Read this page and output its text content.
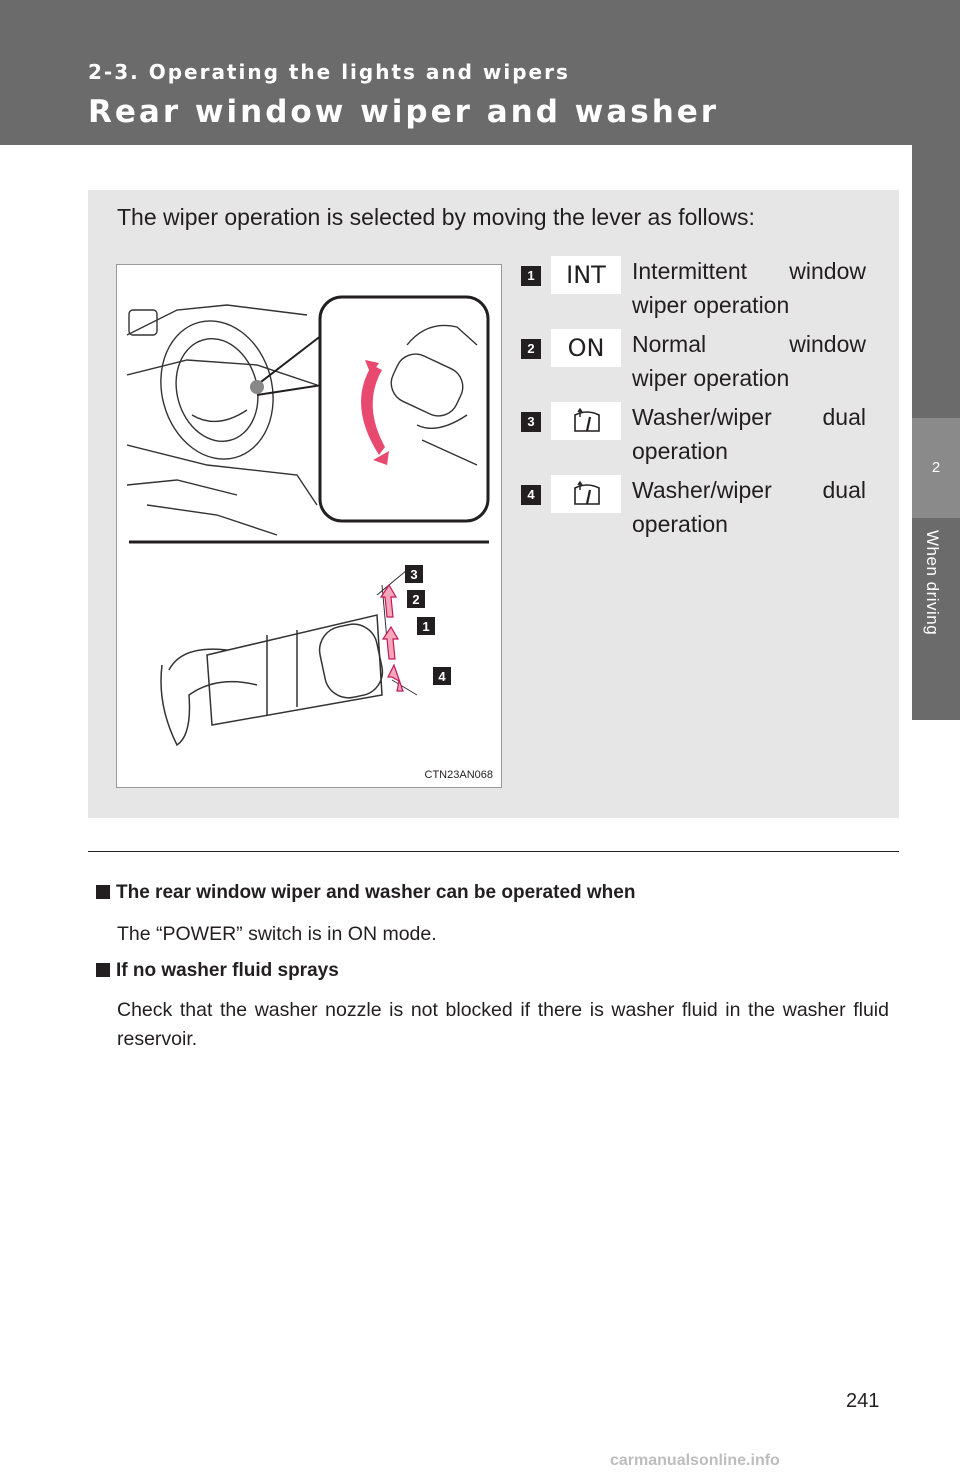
2-3. Operating the lights and wipers
Rear window wiper and washer
2
When driving
The wiper operation is selected by moving the lever as follows:
3
2
1
4
CTN23AN068
1	INT	Intermittent window
wiper operation
2	ON	Normal window
wiper operation
3	Washer/wiper dual
operation
4	Washer/wiper dual
operation
The rear window wiper and washer can be operated when
The “POWER” switch is in ON mode.
If no washer fluid sprays
Check that the washer nozzle is not blocked if there is washer fluid in the washer fluid reservoir.
241
carmanualsonline.info
